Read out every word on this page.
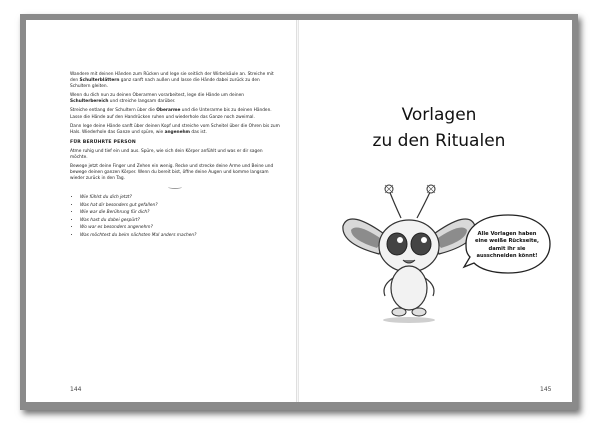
Wandere mit deinen Händen zum Rücken und lege sie seitlich der Wirbelsäule an. Streiche mit den Schulterblättern ganz sanft nach außen und lasse die Hände dabei zurück zu den Schultern gleiten.

Wenn du dich nun zu deinen Oberarmen vorarbeitest, lege die Hände um deinen Schulterbereich und streiche langsam darüber.

Streiche entlang der Schultern über die Oberarme und die Unterarme bis zu deinen Händen. Lasse die Hände auf den Handrücken ruhen und wiederhole das Ganze noch zweimal.

Dann lege deine Hände sanft über deinen Kopf und streiche vom Scheitel über die Ohren bis zum Hals. Wiederhole das Ganze und spüre, wie angenehm das ist.

FÜR BERÜHRTE PERSON

Atme ruhig und tief ein und aus. Spüre, wie sich dein Körper anfühlt und was er dir sagen möchte.

Bewege jetzt deine Finger und Zehen ein wenig. Recke und strecke deine Arme und Beine und bewege deinen ganzen Körper. Wenn du bereit bist, öffne deine Augen und komme langsam wieder zurück in den Tag.

• Wie fühlst du dich jetzt?
• Was hat dir besonders gut gefallen?
• Wie war die Berührung für dich?
• Was hast du dabei gespürt?
• Wo war es besonders angenehm?
• Was möchtest du beim nächsten Mal anders machen?
144
Vorlagen
zu den Ritualen
Alle Vorlagen haben
eine weiße Rückseite,
damit ihr sie
ausschneiden könnt!
145
